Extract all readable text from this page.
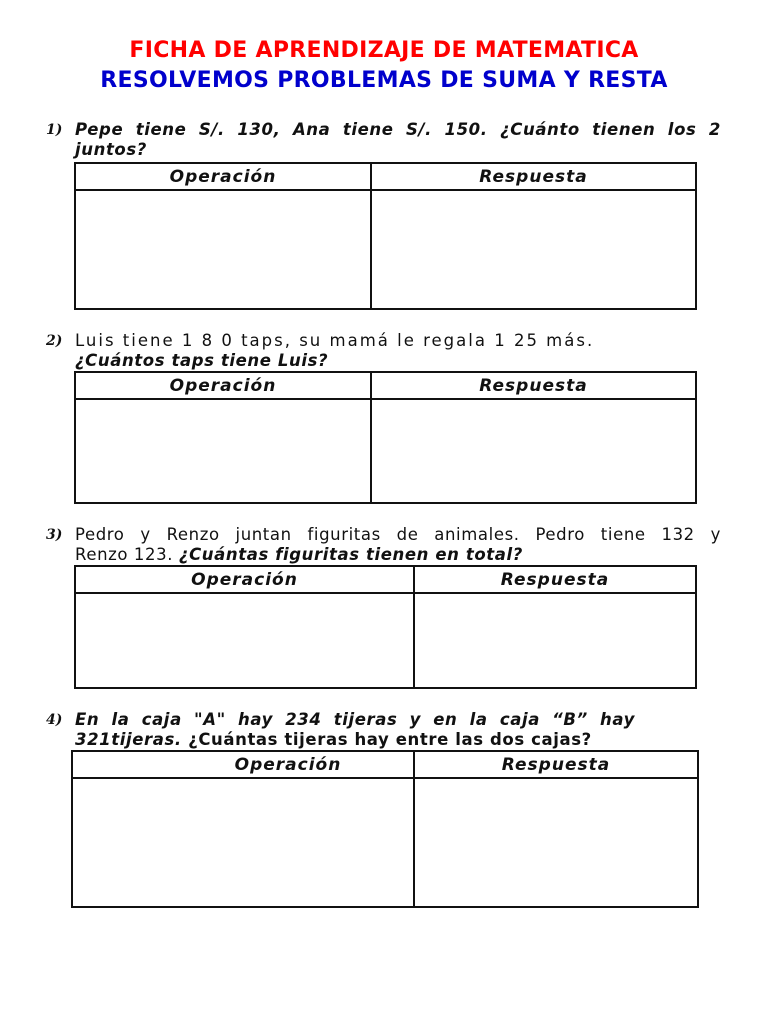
FICHA DE APRENDIZAJE DE MATEMATICA
RESOLVEMOS PROBLEMAS DE SUMA Y RESTA
1) Pepe tiene S/. 130, Ana tiene S/. 150. ¿Cuánto tienen los 2
juntos?
Operación	Respuesta
2) Luis tiene 1 8 0 taps, su mamá le regala 1 25 más.
¿Cuántos taps tiene Luis?
Operación	Respuesta
3) Pedro y Renzo juntan figuritas de animales. Pedro tiene 132 y
Renzo 123. ¿Cuántas figuritas tienen en total?
Operación	Respuesta
4) En la caja "A" hay 234 tijeras y en la caja “B” hay
321tijeras. ¿Cuántas tijeras hay entre las dos cajas?
Operación	Respuesta
